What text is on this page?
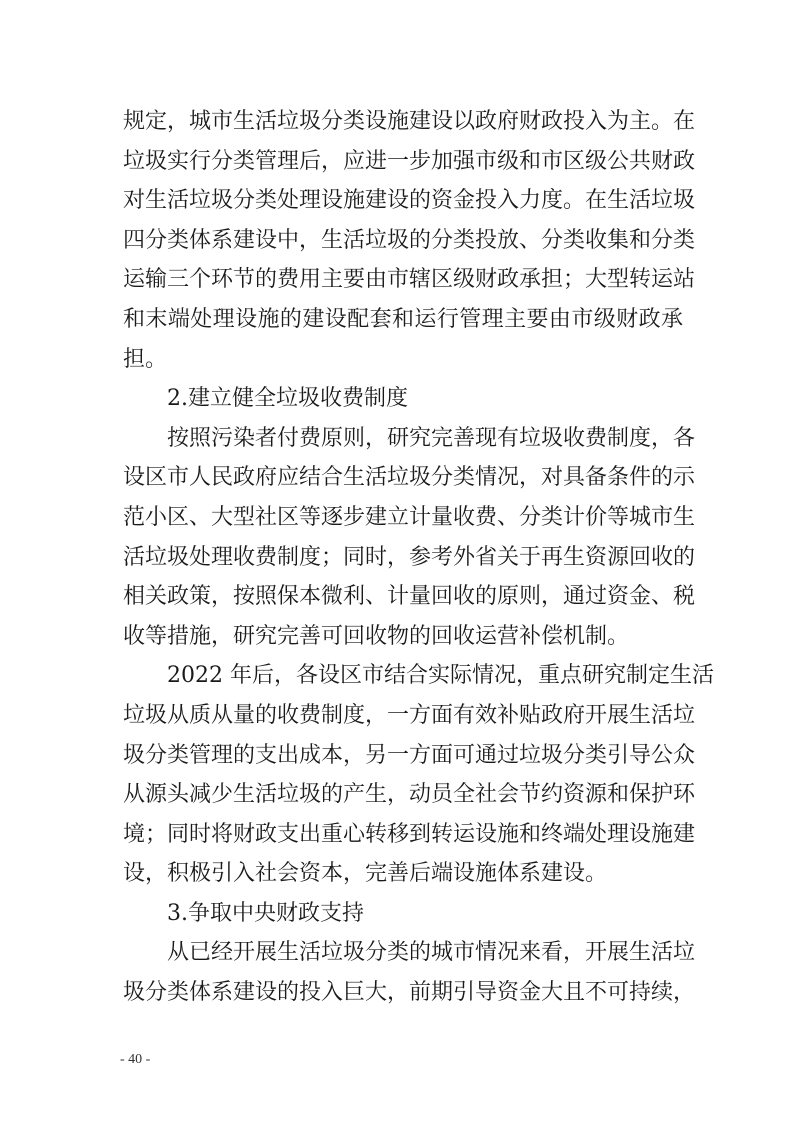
规定，城市生活垃圾分类设施建设以政府财政投入为主。在
垃圾实行分类管理后，应进一步加强市级和市区级公共财政
对生活垃圾分类处理设施建设的资金投入力度。在生活垃圾
四分类体系建设中，生活垃圾的分类投放、分类收集和分类
运输三个环节的费用主要由市辖区级财政承担；大型转运站
和末端处理设施的建设配套和运行管理主要由市级财政承
担。
2.建立健全垃圾收费制度
按照污染者付费原则，研究完善现有垃圾收费制度，各
设区市人民政府应结合生活垃圾分类情况，对具备条件的示
范小区、大型社区等逐步建立计量收费、分类计价等城市生
活垃圾处理收费制度；同时，参考外省关于再生资源回收的
相关政策，按照保本微利、计量回收的原则，通过资金、税
收等措施，研究完善可回收物的回收运营补偿机制。
2022 年后，各设区市结合实际情况，重点研究制定生活
垃圾从质从量的收费制度，一方面有效补贴政府开展生活垃
圾分类管理的支出成本，另一方面可通过垃圾分类引导公众
从源头减少生活垃圾的产生，动员全社会节约资源和保护环
境；同时将财政支出重心转移到转运设施和终端处理设施建
设，积极引入社会资本，完善后端设施体系建设。
3.争取中央财政支持
从已经开展生活垃圾分类的城市情况来看，开展生活垃
圾分类体系建设的投入巨大，前期引导资金大且不可持续，
- 40 -
